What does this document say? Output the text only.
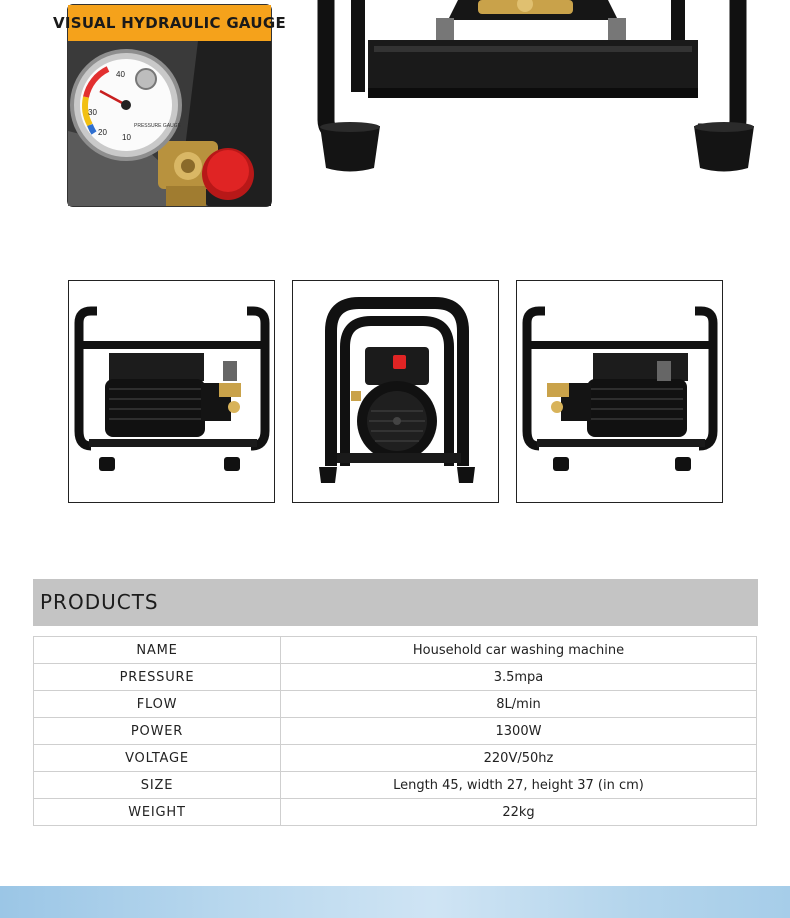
VISUAL HYDRAULIC GAUGE
10
20
30
40
PRESSURE GAUGE
PRODUCTS
NAME	Household car washing machine
PRESSURE	3.5mpa
FLOW	8L/min
POWER	1300W
VOLTAGE	220V/50hz
SIZE	Length 45, width 27, height 37 (in cm)
WEIGHT	22kg
